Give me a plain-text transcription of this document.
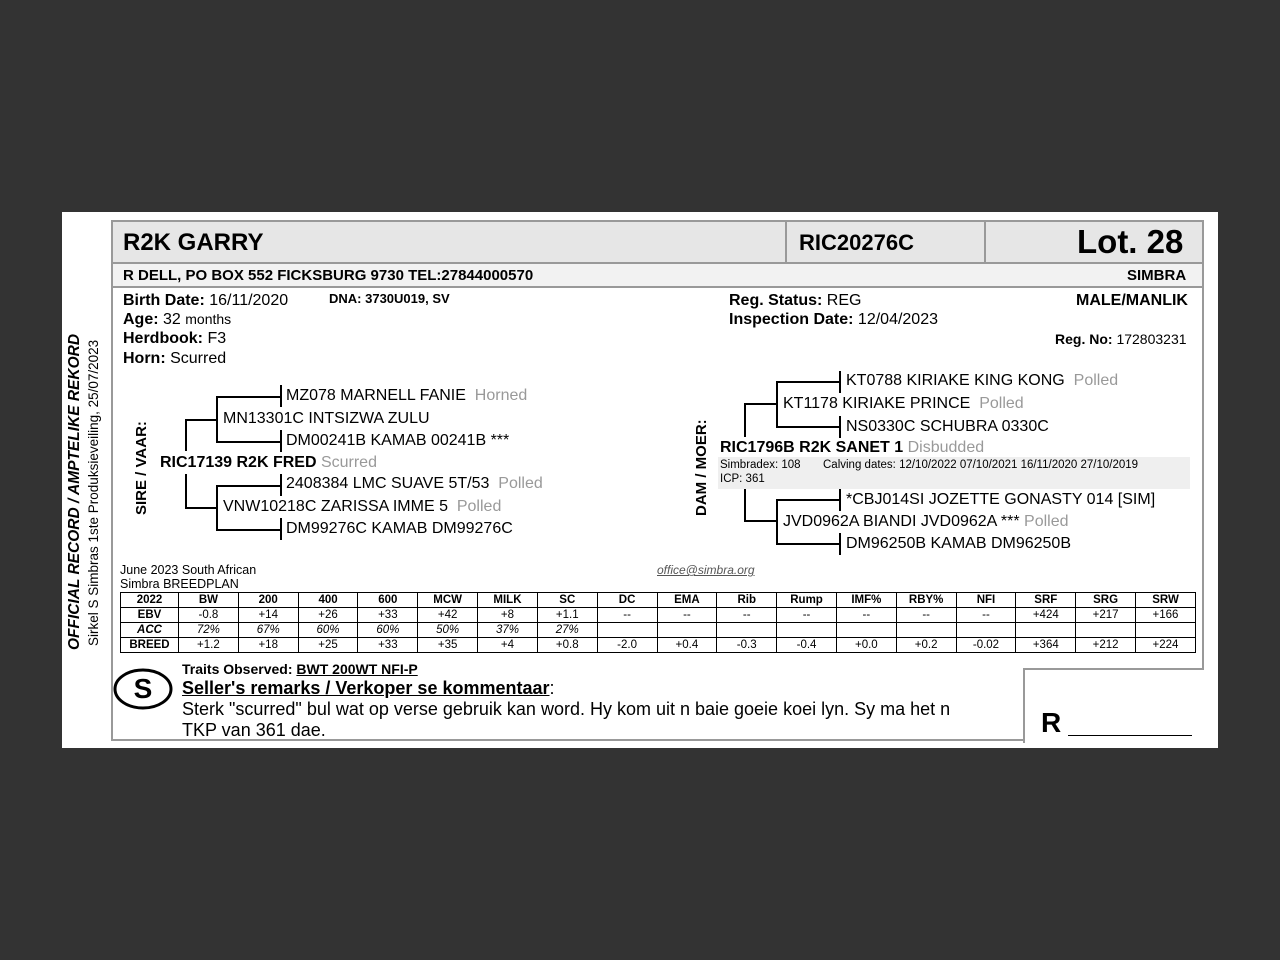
OFFICIAL RECORD / AMPTELIKE REKORD Sirkel S Simbras 1ste Produksieveiling, 25/07/2023
R2K GARRY	RIC20276C	Lot. 28
R DELL, PO BOX 552 FICKSBURG 9730 TEL:27844000570	SIMBRA
Birth Date: 16/11/2020	DNA: 3730U019, SV
Age: 32 months
Herdbook: F3
Horn: Scurred
Reg. Status: REG
Inspection Date: 12/04/2023
MALE/MANLIK
Reg. No: 172803231
SIRE / VAAR:
MZ078 MARNELL FANIE Horned
MN13301C INTSIZWA ZULU
DM00241B KAMAB 00241B ***
RIC17139 R2K FRED Scurred
2408384 LMC SUAVE 5T/53 Polled
VNW10218C ZARISSA IMME 5 Polled
DM99276C KAMAB DM99276C
DAM / MOER:
KT0788 KIRIAKE KING KONG Polled
KT1178 KIRIAKE PRINCE Polled
NS0330C SCHUBRA 0330C
RIC1796B R2K SANET 1 Disbudded
Simbradex: 108 Calving dates: 12/10/2022 07/10/2021 16/11/2020 27/10/2019
ICP: 361
*CBJ014SI JOZETTE GONASTY 014 [SIM]
JVD0962A BIANDI JVD0962A *** Polled
DM96250B KAMAB DM96250B
June 2023 South African
Simbra BREEDPLAN
office@simbra.org
2022	BW	200	400	600	MCW	MILK	SC	DC	EMA	Rib	Rump	IMF%	RBY%	NFI	SRF	SRG	SRW
EBV	-0.8	+14	+26	+33	+42	+8	+1.1	--	--	--	--	--	--	--	+424	+217	+166
ACC	72%	67%	60%	60%	50%	37%	27%										
BREED	+1.2	+18	+25	+33	+35	+4	+0.8	-2.0	+0.4	-0.3	-0.4	+0.0	+0.2	-0.02	+364	+212	+224
S
Traits Observed: BWT 200WT NFI-P
Seller's remarks / Verkoper se kommentaar:
Sterk "scurred" bul wat op verse gebruik kan word. Hy kom uit n baie goeie koei lyn. Sy ma het n
TKP van 361 dae.	R
